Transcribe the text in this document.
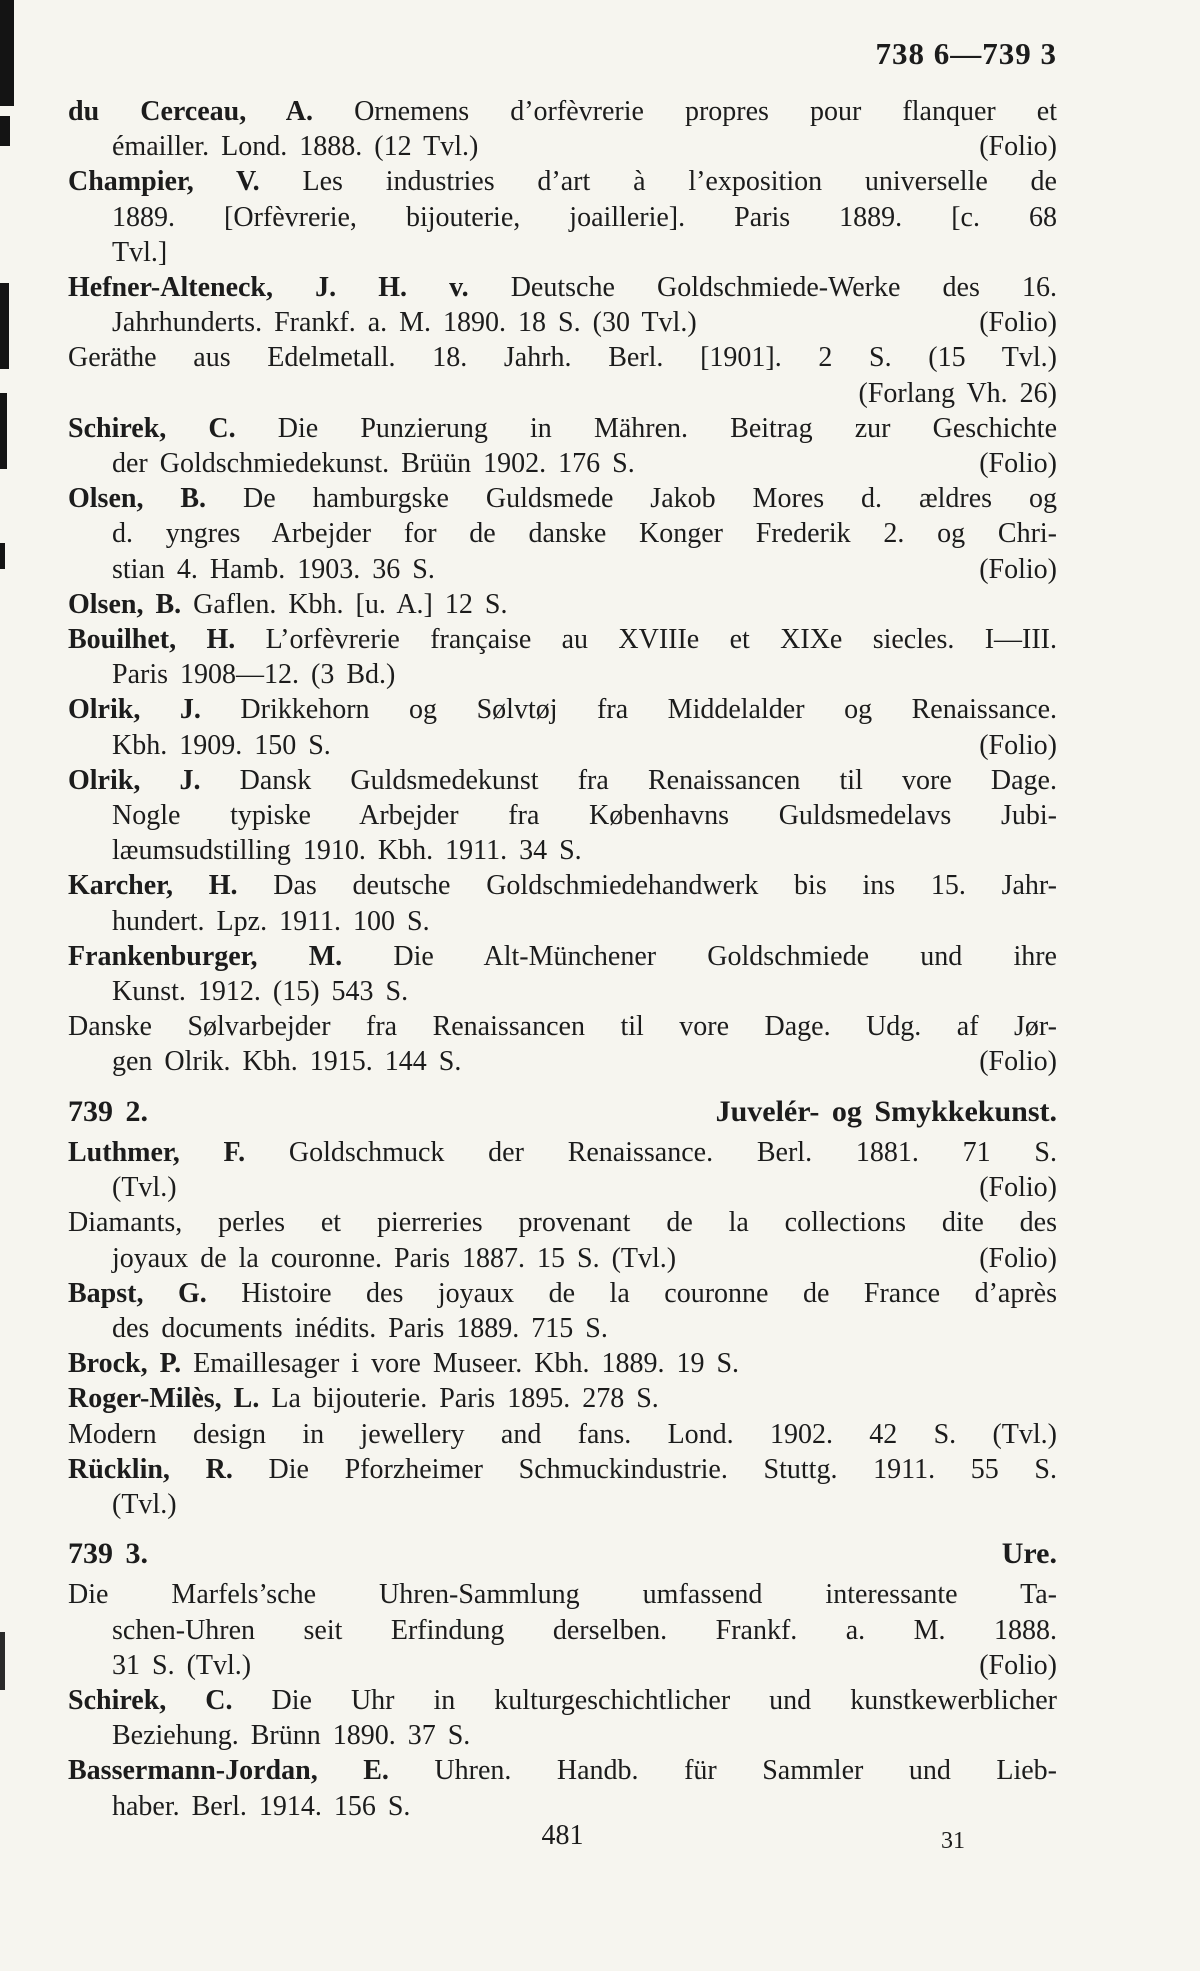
738 6—739 3
du Cerceau, A. Ornemens d’orfèvrerie propres pour flanquer et
émailler. Lond. 1888. (12 Tvl.)	(Folio)
Champier, V. Les industries d’art à l’exposition universelle de
1889. [Orfèvrerie, bijouterie, joaillerie]. Paris 1889. [c. 68
Tvl.]
Hefner-Alteneck, J. H. v. Deutsche Goldschmiede-Werke des 16.
Jahrhunderts. Frankf. a. M. 1890. 18 S. (30 Tvl.)	(Folio)
Geräthe aus Edelmetall. 18. Jahrh. Berl. [1901]. 2 S. (15 Tvl.)
(Forlang Vh. 26)
Schirek, C. Die Punzierung in Mähren. Beitrag zur Geschichte
der Goldschmiedekunst. Brüün 1902. 176 S.	(Folio)
Olsen, B. De hamburgske Guldsmede Jakob Mores d. ældres og
d. yngres Arbejder for de danske Konger Frederik 2. og Chri-
stian 4. Hamb. 1903. 36 S.	(Folio)
Olsen, B. Gaflen. Kbh. [u. A.] 12 S.
Bouilhet, H. L’orfèvrerie française au XVIIIe et XIXe siecles. I—III.
Paris 1908—12. (3 Bd.)
Olrik, J. Drikkehorn og Sølvtøj fra Middelalder og Renaissance.
Kbh. 1909. 150 S.	(Folio)
Olrik, J. Dansk Guldsmedekunst fra Renaissancen til vore Dage.
Nogle typiske Arbejder fra Københavns Guldsmedelavs Jubi-
læumsudstilling 1910. Kbh. 1911. 34 S.
Karcher, H. Das deutsche Goldschmiedehandwerk bis ins 15. Jahr-
hundert. Lpz. 1911. 100 S.
Frankenburger, M. Die Alt-Münchener Goldschmiede und ihre
Kunst. 1912. (15) 543 S.
Danske Sølvarbejder fra Renaissancen til vore Dage. Udg. af Jør-
gen Olrik. Kbh. 1915. 144 S.	(Folio)
739 2.	Juvelér- og Smykkekunst.
Luthmer, F. Goldschmuck der Renaissance. Berl. 1881. 71 S.
(Tvl.)	(Folio)
Diamants, perles et pierreries provenant de la collections dite des
joyaux de la couronne. Paris 1887. 15 S. (Tvl.)	(Folio)
Bapst, G. Histoire des joyaux de la couronne de France d’après
des documents inédits. Paris 1889. 715 S.
Brock, P. Emaillesager i vore Museer. Kbh. 1889. 19 S.
Roger-Milès, L. La bijouterie. Paris 1895. 278 S.
Modern design in jewellery and fans. Lond. 1902. 42 S. (Tvl.)
Rücklin, R. Die Pforzheimer Schmuckindustrie. Stuttg. 1911. 55 S.
(Tvl.)
739 3.	Ure.
Die Marfels’sche Uhren-Sammlung umfassend interessante Ta-
schen-Uhren seit Erfindung derselben. Frankf. a. M. 1888.
31 S. (Tvl.)	(Folio)
Schirek, C. Die Uhr in kulturgeschichtlicher und kunstkewerblicher
Beziehung. Brünn 1890. 37 S.
Bassermann-Jordan, E. Uhren. Handb. für Sammler und Lieb-
haber. Berl. 1914. 156 S.
481	31
